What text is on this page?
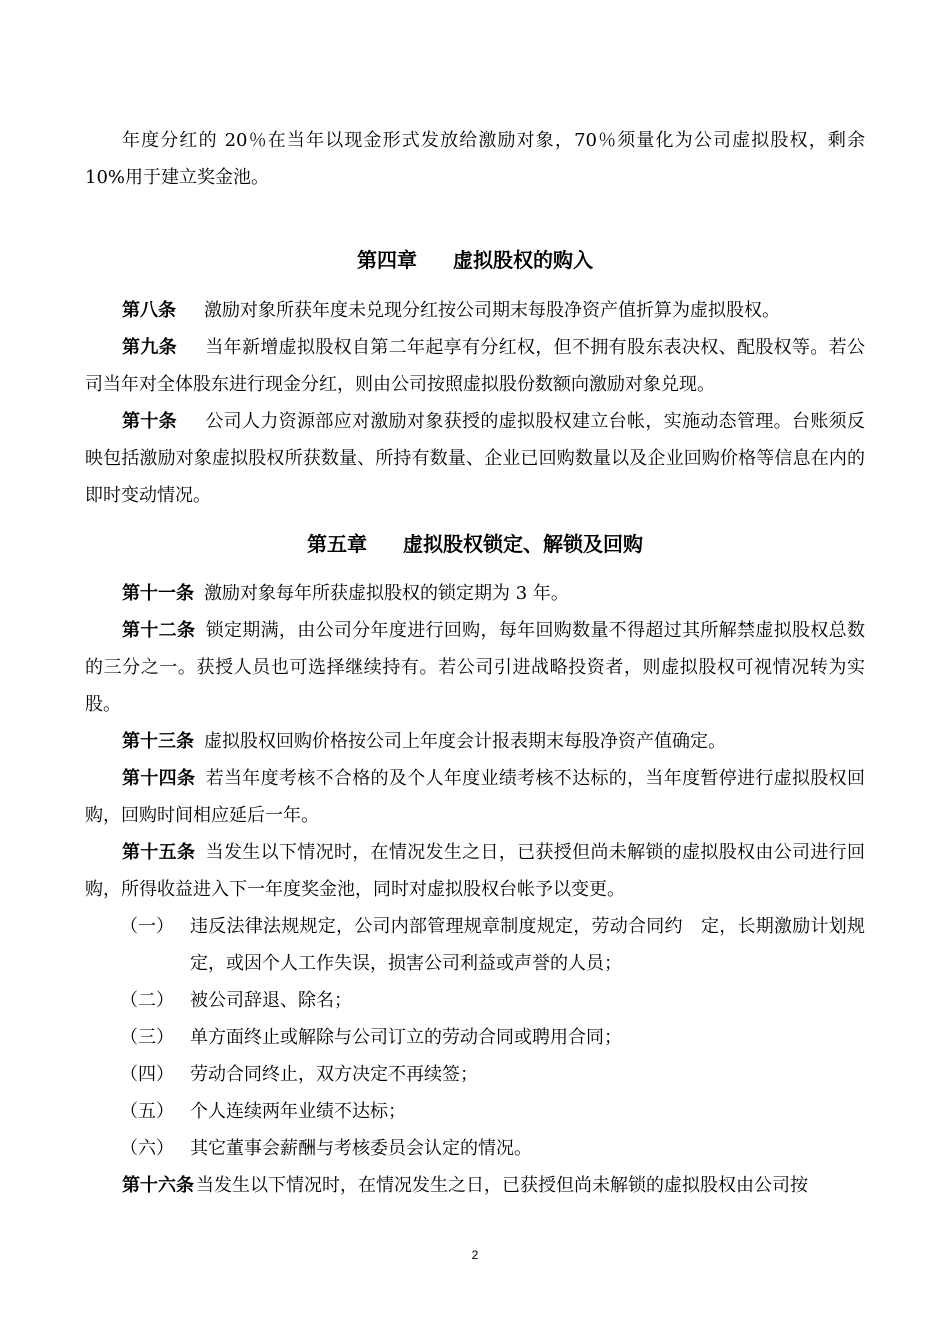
年度分红的 20％在当年以现金形式发放给激励对象，70％须量化为公司虚拟股权，剩余 10%用于建立奖金池。
第四章 虚拟股权的购入
第八条 激励对象所获年度未兑现分红按公司期末每股净资产值折算为虚拟股权。
第九条 当年新增虚拟股权自第二年起享有分红权，但不拥有股东表决权、配股权等。若公司当年对全体股东进行现金分红，则由公司按照虚拟股份数额向激励对象兑现。
第十条 公司人力资源部应对激励对象获授的虚拟股权建立台帐，实施动态管理。台账须反映包括激励对象虚拟股权所获数量、所持有数量、企业已回购数量以及企业回购价格等信息在内的即时变动情况。
第五章 虚拟股权锁定、解锁及回购
第十一条 激励对象每年所获虚拟股权的锁定期为 3 年。
第十二条 锁定期满，由公司分年度进行回购，每年回购数量不得超过其所解禁虚拟股权总数的三分之一。获授人员也可选择继续持有。若公司引进战略投资者，则虚拟股权可视情况转为实股。
第十三条 虚拟股权回购价格按公司上年度会计报表期末每股净资产值确定。
第十四条 若当年度考核不合格的及个人年度业绩考核不达标的，当年度暂停进行虚拟股权回购，回购时间相应延后一年。
第十五条 当发生以下情况时，在情况发生之日，已获授但尚未解锁的虚拟股权由公司进行回购，所得收益进入下一年度奖金池，同时对虚拟股权台帐予以变更。
（一） 违反法律法规规定，公司内部管理规章制度规定，劳动合同约　定，长期激励计划规定，或因个人工作失误，损害公司利益或声誉的人员；
（二） 被公司辞退、除名；
（三） 单方面终止或解除与公司订立的劳动合同或聘用合同；
（四） 劳动合同终止，双方决定不再续签；
（五） 个人连续两年业绩不达标；
（六） 其它董事会薪酬与考核委员会认定的情况。
第十六条 当发生以下情况时，在情况发生之日，已获授但尚未解锁的虚拟股权由公司按
2
